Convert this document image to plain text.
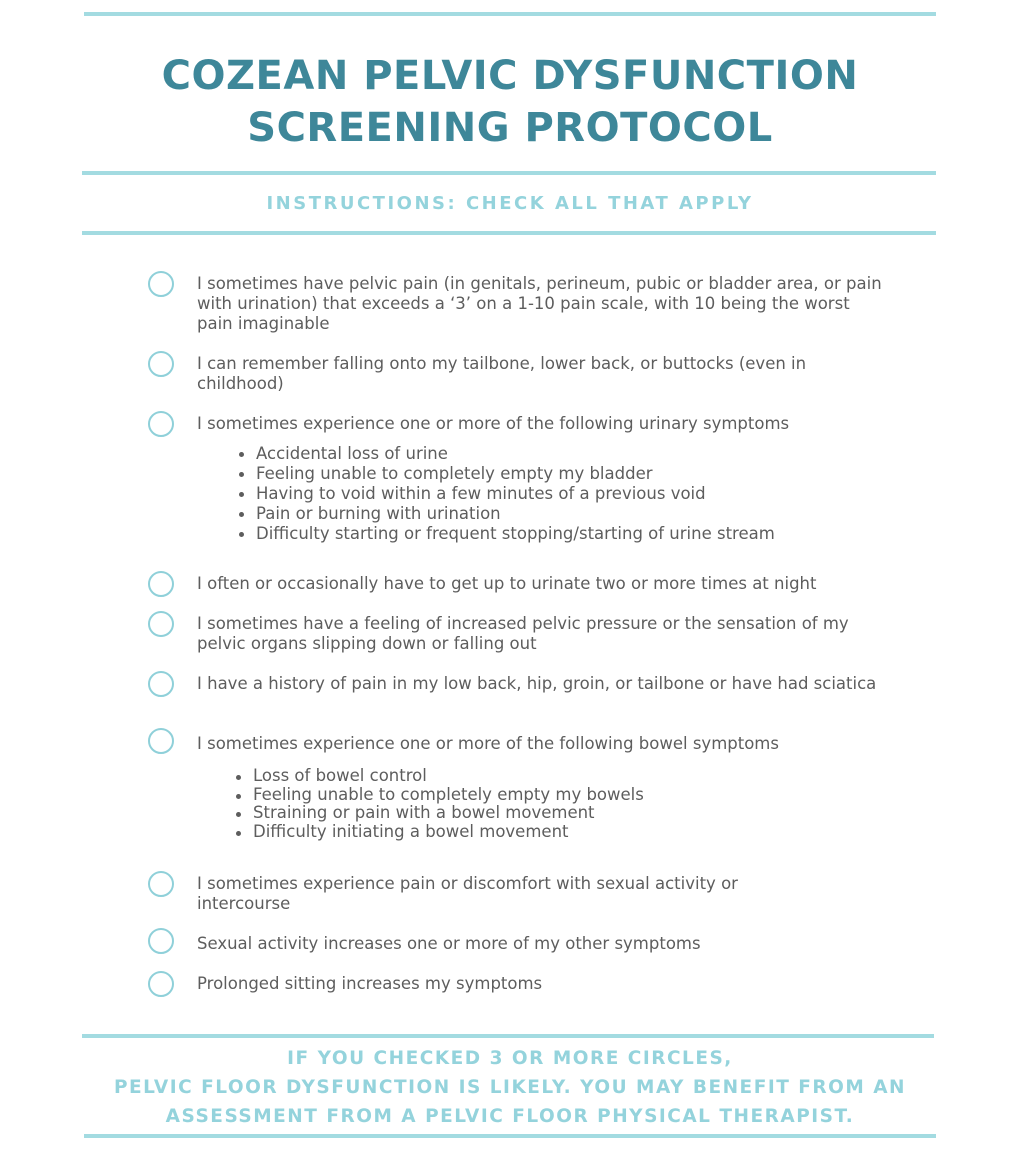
COZEAN PELVIC DYSFUNCTION
SCREENING PROTOCOL
INSTRUCTIONS: CHECK ALL THAT APPLY
I sometimes have pelvic pain (in genitals, perineum, pubic or bladder area, or pain with urination) that exceeds a ‘3’ on a 1-10 pain scale, with 10 being the worst pain imaginable
I can remember falling onto my tailbone, lower back, or buttocks (even in childhood)
I sometimes experience one or more of the following urinary symptoms
Accidental loss of urine
Feeling unable to completely empty my bladder
Having to void within a few minutes of a previous void
Pain or burning with urination
Difficulty starting or frequent stopping/starting of urine stream
I often or occasionally have to get up to urinate two or more times at night
I sometimes have a feeling of increased pelvic pressure or the sensation of my pelvic organs slipping down or falling out
I have a history of pain in my low back, hip, groin, or tailbone or have had sciatica
I sometimes experience one or more of the following bowel symptoms
Loss of bowel control
Feeling unable to completely empty my bowels
Straining or pain with a bowel movement
Difficulty initiating a bowel movement
I sometimes experience pain or discomfort with sexual activity or intercourse
Sexual activity increases one or more of my other symptoms
Prolonged sitting increases my symptoms
IF YOU CHECKED 3 OR MORE CIRCLES,
PELVIC FLOOR DYSFUNCTION IS LIKELY. YOU MAY BENEFIT FROM AN
ASSESSMENT FROM A PELVIC FLOOR PHYSICAL THERAPIST.
